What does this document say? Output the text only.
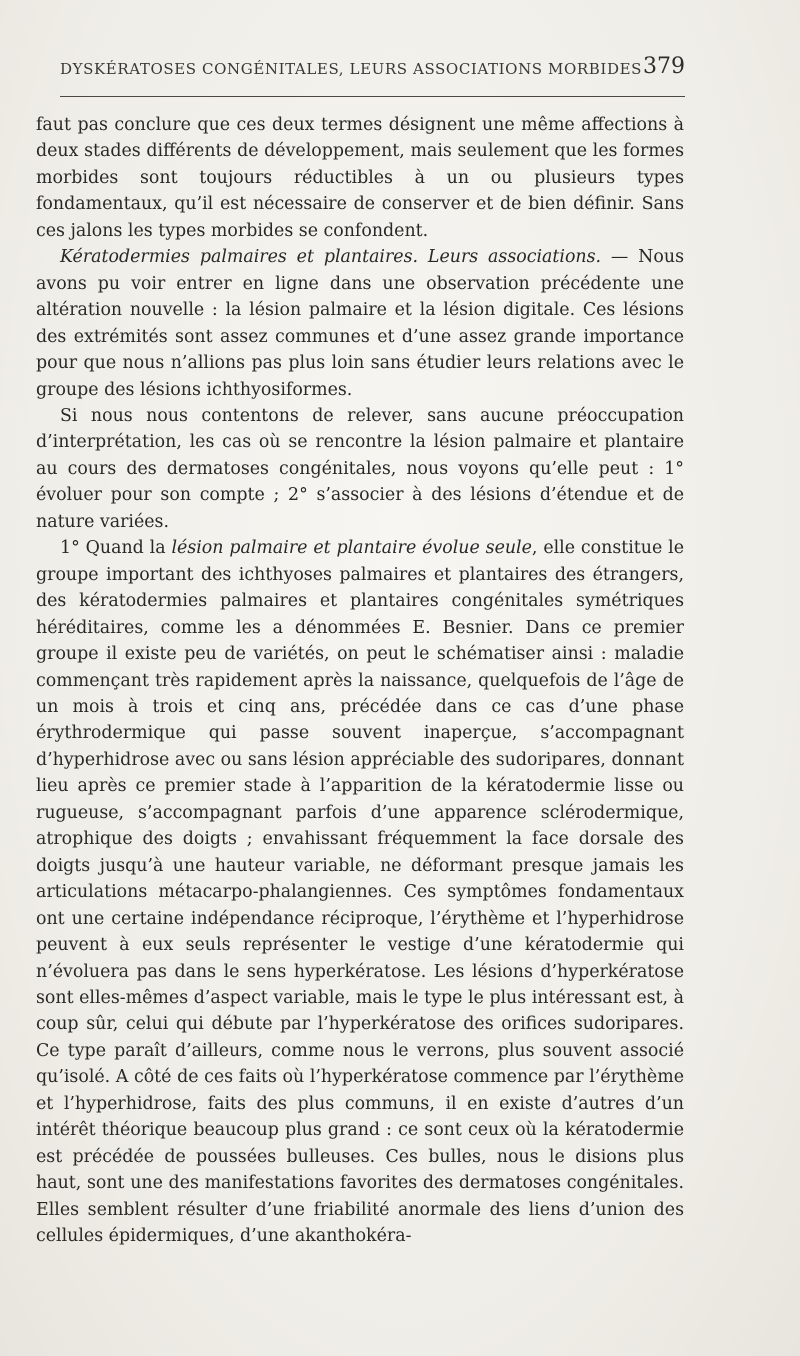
DYSKÉRATOSES CONGÉNITALES, LEURS ASSOCIATIONS MORBIDES 379

faut pas conclure que ces deux termes désignent une même affections à deux stades différents de développement, mais seulement que les formes morbides sont toujours réductibles à un ou plusieurs types fondamentaux, qu’il est nécessaire de conserver et de bien définir. Sans ces jalons les types morbides se confondent.

Kératodermies palmaires et plantaires. Leurs associations. — Nous avons pu voir entrer en ligne dans une observation précédente une altération nouvelle : la lésion palmaire et la lésion digitale. Ces lésions des extrémités sont assez communes et d’une assez grande importance pour que nous n’allions pas plus loin sans étudier leurs relations avec le groupe des lésions ichthyosiformes.

Si nous nous contentons de relever, sans aucune préoccupation d’interprétation, les cas où se rencontre la lésion palmaire et plantaire au cours des dermatoses congénitales, nous voyons qu’elle peut : 1° évoluer pour son compte ; 2° s’associer à des lésions d’étendue et de nature variées.

1° Quand la lésion palmaire et plantaire évolue seule, elle constitue le groupe important des ichthyoses palmaires et plantaires des étrangers, des kératodermies palmaires et plantaires congénitales symétriques héréditaires, comme les a dénommées E. Besnier. Dans ce premier groupe il existe peu de variétés, on peut le schématiser ainsi : maladie commençant très rapidement après la naissance, quelquefois de l’âge de un mois à trois et cinq ans, précédée dans ce cas d’une phase érythrodermique qui passe souvent inaperçue, s’accompagnant d’hyperhidrose avec ou sans lésion appréciable des sudoripares, donnant lieu après ce premier stade à l’apparition de la kératodermie lisse ou rugueuse, s’accompagnant parfois d’une apparence sclérodermique, atrophique des doigts ; envahissant fréquemment la face dorsale des doigts jusqu’à une hauteur variable, ne déformant presque jamais les articulations métacarpo-phalangiennes. Ces symptômes fondamentaux ont une certaine indépendance réciproque, l’érythème et l’hyperhidrose peuvent à eux seuls représenter le vestige d’une kératodermie qui n’évoluera pas dans le sens hyperkératose. Les lésions d’hyperkératose sont elles-mêmes d’aspect variable, mais le type le plus intéressant est, à coup sûr, celui qui débute par l’hyperkératose des orifices sudoripares. Ce type paraît d’ailleurs, comme nous le verrons, plus souvent associé qu’isolé. A côté de ces faits où l’hyperkératose commence par l’érythème et l’hyperhidrose, faits des plus communs, il en existe d’autres d’un intérêt théorique beaucoup plus grand : ce sont ceux où la kératodermie est précédée de poussées bulleuses. Ces bulles, nous le disions plus haut, sont une des manifestations favorites des dermatoses congénitales. Elles semblent résulter d’une friabilité anormale des liens d’union des cellules épidermiques, d’une akanthokéra-
